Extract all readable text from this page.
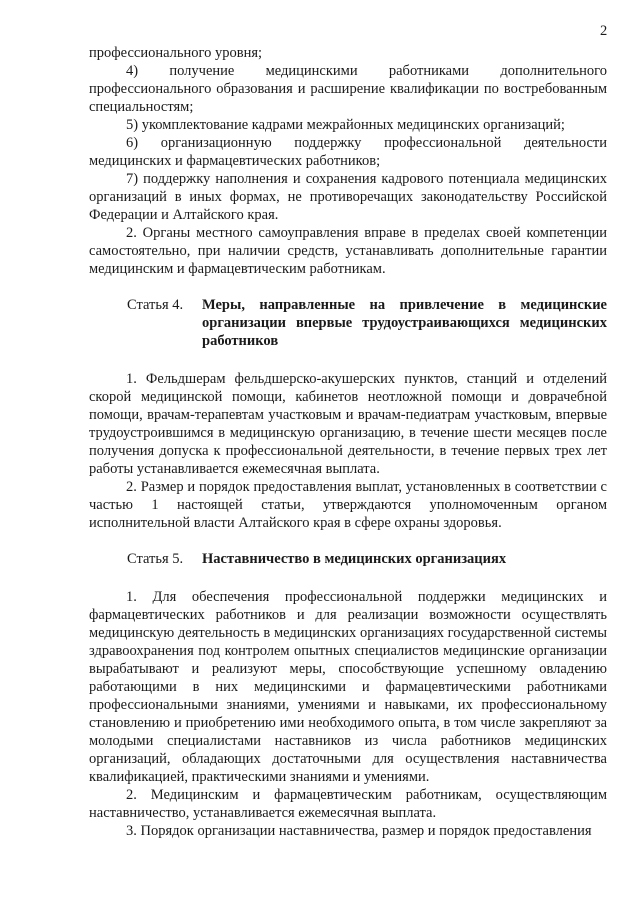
2

профессионального уровня;

4) получение медицинскими работниками дополнительного профессионального образования и расширение квалификации по востребованным специальностям;

5) укомплектование кадрами межрайонных медицинских организаций;

6) организационную поддержку профессиональной деятельности медицинских и фармацевтических работников;

7) поддержку наполнения и сохранения кадрового потенциала медицинских организаций в иных формах, не противоречащих законодательству Российской Федерации и Алтайского края.

2. Органы местного самоуправления вправе в пределах своей компетенции самостоятельно, при наличии средств, устанавливать дополнительные гарантии медицинским и фармацевтическим работникам.

Статья 4.	Меры, направленные на привлечение в медицинские организации впервые трудоустраивающихся медицинских работников

1. Фельдшерам фельдшерско-акушерских пунктов, станций и отделений скорой медицинской помощи, кабинетов неотложной помощи и доврачебной помощи, врачам-терапевтам участковым и врачам-педиатрам участковым, впервые трудоустроившимся в медицинскую организацию, в течение шести месяцев после получения допуска к профессиональной деятельности, в течение первых трех лет работы устанавливается ежемесячная выплата.

2. Размер и порядок предоставления выплат, установленных в соответствии с частью 1 настоящей статьи, утверждаются уполномоченным органом исполнительной власти Алтайского края в сфере охраны здоровья.

Статья 5.	Наставничество в медицинских организациях

1. Для обеспечения профессиональной поддержки медицинских и фармацевтических работников и для реализации возможности осуществлять медицинскую деятельность в медицинских организациях государственной системы здравоохранения под контролем опытных специалистов медицинские организации вырабатывают и реализуют меры, способствующие успешному овладению работающими в них медицинскими и фармацевтическими работниками профессиональными знаниями, умениями и навыками, их профессиональному становлению и приобретению ими необходимого опыта, в том числе закрепляют за молодыми специалистами наставников из числа работников медицинских организаций, обладающих достаточными для осуществления наставничества квалификацией, практическими знаниями и умениями.

2. Медицинским и фармацевтическим работникам, осуществляющим наставничество, устанавливается ежемесячная выплата.

3. Порядок организации наставничества, размер и порядок предоставления
